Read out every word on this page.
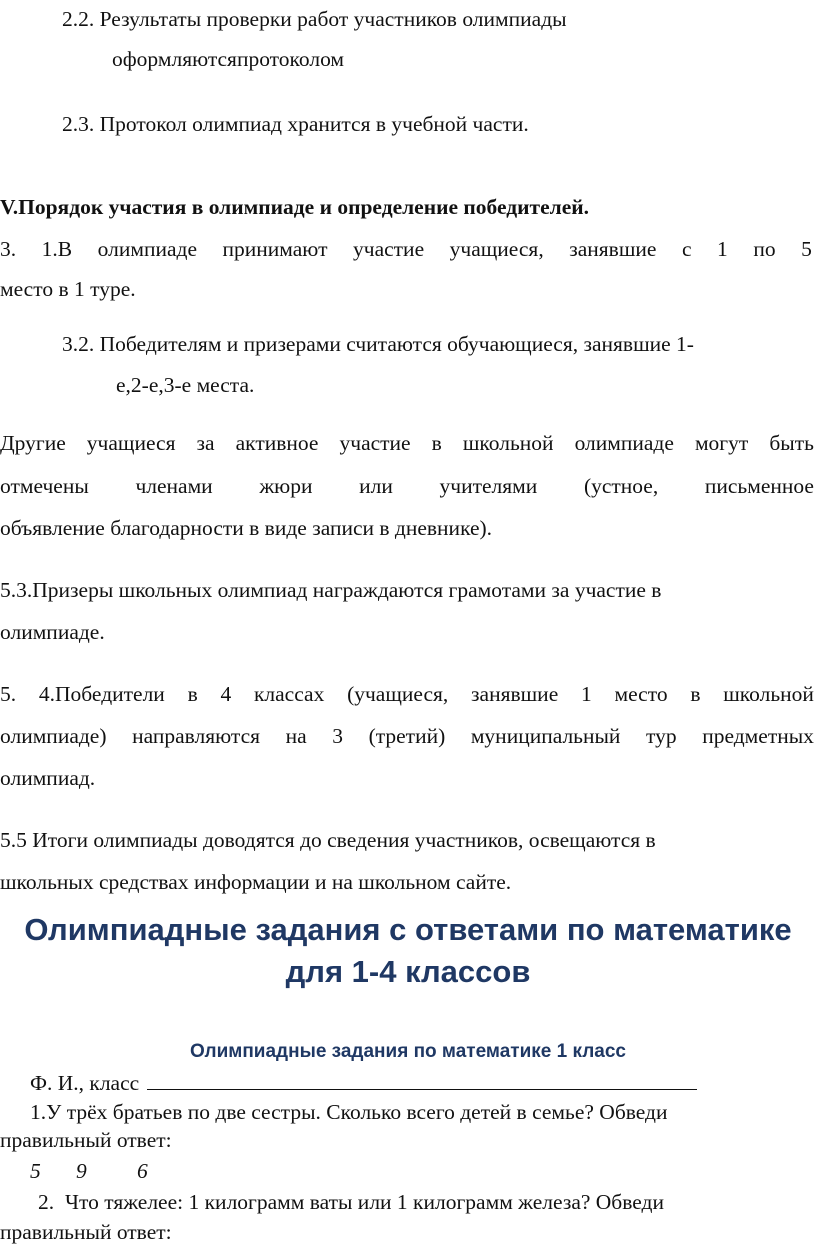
2.2. Результаты проверки работ участников олимпиады
оформляютсяпротоколом
2.3. Протокол олимпиад хранится в учебной части.
V.Порядок участия в олимпиаде и определение победителей.
3. 1.В олимпиаде принимают участие учащиеся, занявшие с 1 по 5
место в 1 туре.
3.2. Победителям и призерами считаются обучающиеся, занявшие 1-
е,2-е,3-е места.
Другие учащиеся за активное участие в школьной олимпиаде могут быть
отмечены членами жюри или учителями (устное, письменное
объявление благодарности в виде записи в дневнике).
5.3.Призеры школьных олимпиад награждаются грамотами за участие в
олимпиаде.
5. 4.Победители в 4 классах (учащиеся, занявшие 1 место в школьной
олимпиаде) направляются на 3 (третий) муниципальный тур предметных
олимпиад.
5.5 Итоги олимпиады доводятся до сведения участников, освещаются в
школьных средствах информации и на школьном сайте.
Олимпиадные задания с ответами по математике
для 1-4 классов
Олимпиадные задания по математике 1 класс
Ф. И., класс
1.У трёх братьев по две сестры. Сколько всего детей в семье? Обведи
правильный ответ:
5 9 6
2. Что тяжелее: 1 килограмм ваты или 1 килограмм железа? Обведи
правильный ответ:
